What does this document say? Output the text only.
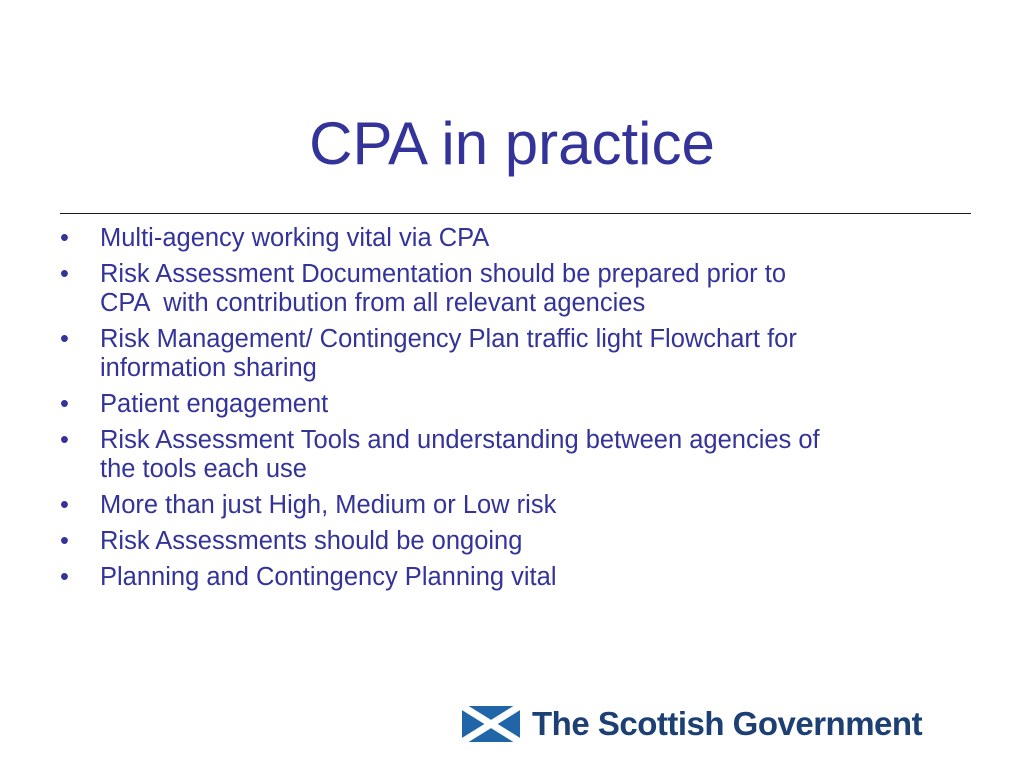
CPA in practice
•	Multi-agency working vital via CPA
•	Risk Assessment Documentation should be prepared prior to
CPA  with contribution from all relevant agencies
•	Risk Management/ Contingency Plan traffic light Flowchart for
information sharing
•	Patient engagement
•	Risk Assessment Tools and understanding between agencies of
the tools each use
•	More than just High, Medium or Low risk
•	Risk Assessments should be ongoing
•	Planning and Contingency Planning vital
The Scottish Government
